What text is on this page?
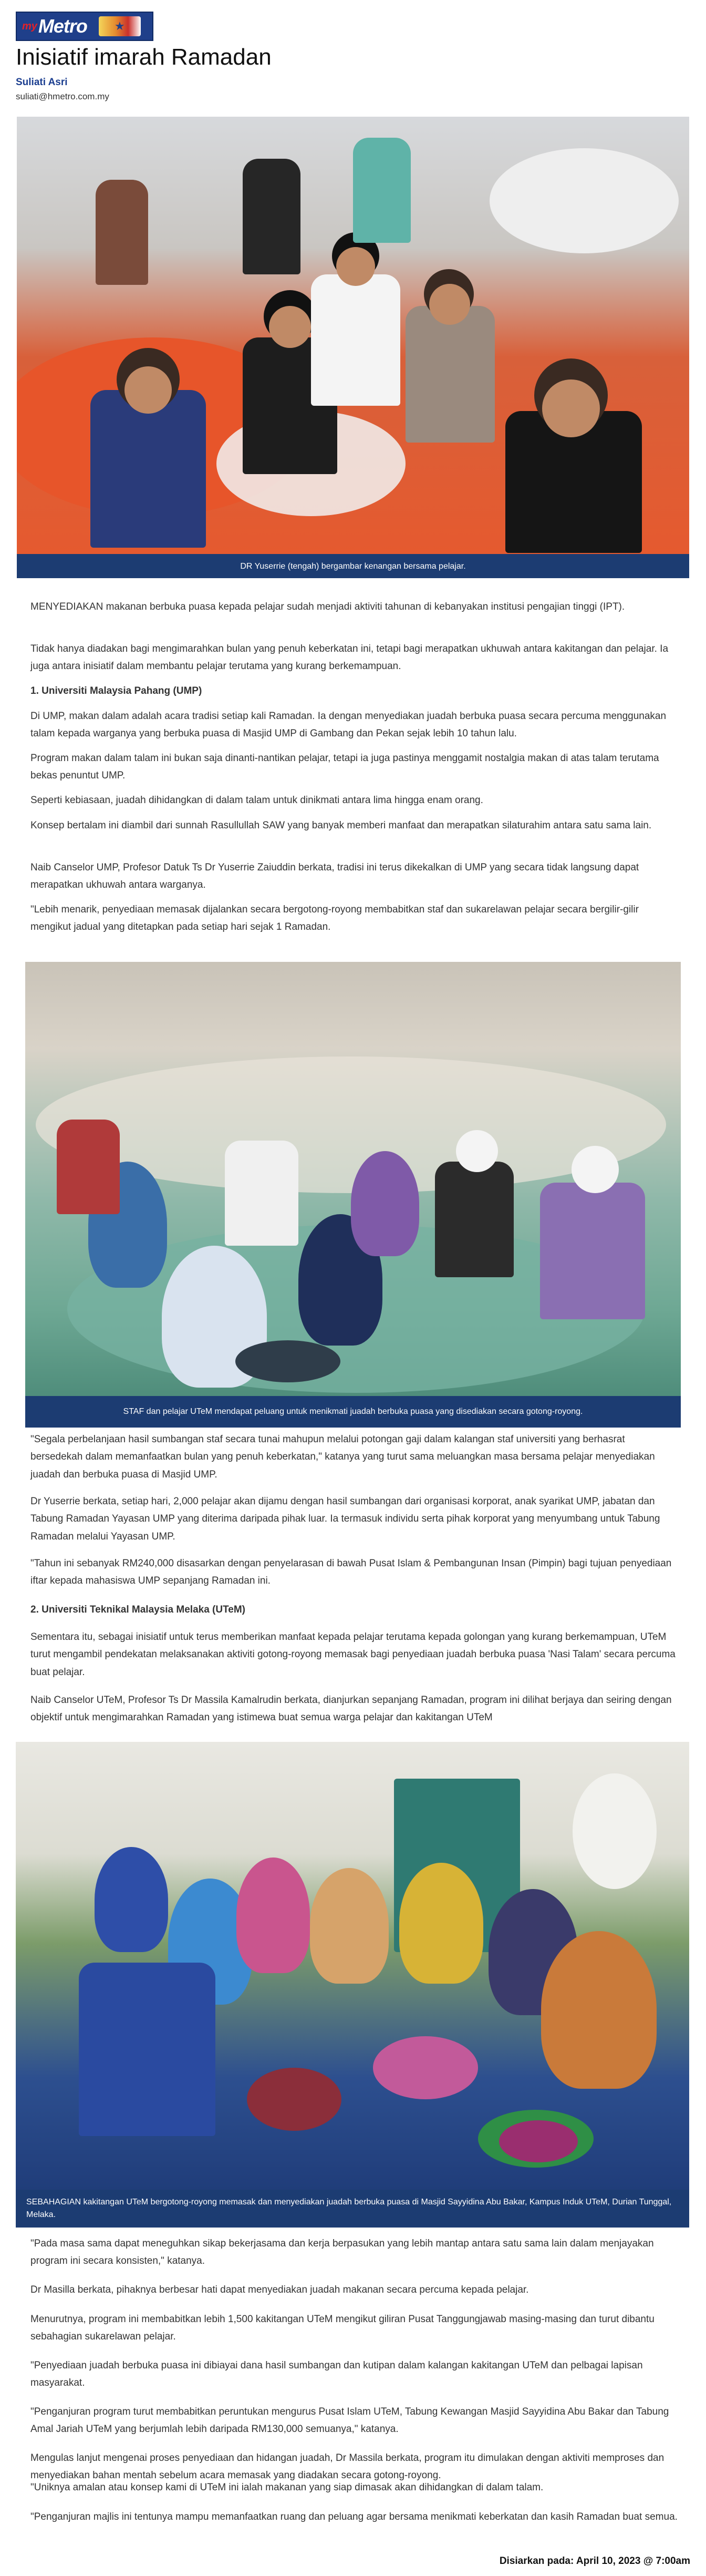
my Metro	★
Inisiatif imarah Ramadan
Suliati Asri
suliati@hmetro.com.my
DR Yuserrie (tengah) bergambar kenangan bersama pelajar.

MENYEDIAKAN makanan berbuka puasa kepada pelajar sudah menjadi aktiviti tahunan di kebanyakan institusi pengajian tinggi (IPT).

Tidak hanya diadakan bagi mengimarahkan bulan yang penuh keberkatan ini, tetapi bagi merapatkan ukhuwah antara kakitangan dan pelajar. Ia juga antara inisiatif dalam membantu pelajar terutama yang kurang berkemampuan.

1. Universiti Malaysia Pahang (UMP)

Di UMP, makan dalam adalah acara tradisi setiap kali Ramadan. Ia dengan menyediakan juadah berbuka puasa secara percuma menggunakan talam kepada warganya yang berbuka puasa di Masjid UMP di Gambang dan Pekan sejak lebih 10 tahun lalu.

Program makan dalam talam ini bukan saja dinanti-nantikan pelajar, tetapi ia juga pastinya menggamit nostalgia makan di atas talam terutama bekas penuntut UMP.

Seperti kebiasaan, juadah dihidangkan di dalam talam untuk dinikmati antara lima hingga enam orang.

Konsep bertalam ini diambil dari sunnah Rasullullah SAW yang banyak memberi manfaat dan merapatkan silaturahim antara satu sama lain.

Naib Canselor UMP, Profesor Datuk Ts Dr Yuserrie Zaiuddin berkata, tradisi ini terus dikekalkan di UMP yang secara tidak langsung dapat merapatkan ukhuwah antara warganya.

"Lebih menarik, penyediaan memasak dijalankan secara bergotong-royong membabitkan staf dan sukarelawan pelajar secara bergilir-gilir mengikut jadual yang ditetapkan pada setiap hari sejak 1 Ramadan.

STAF dan pelajar UTeM mendapat peluang untuk menikmati juadah berbuka puasa yang disediakan secara gotong-royong.

"Segala perbelanjaan hasil sumbangan staf secara tunai mahupun melalui potongan gaji dalam kalangan staf universiti yang berhasrat bersedekah dalam memanfaatkan bulan yang penuh keberkatan," katanya yang turut sama meluangkan masa bersama pelajar menyediakan juadah dan berbuka puasa di Masjid UMP.

Dr Yuserrie berkata, setiap hari, 2,000 pelajar akan dijamu dengan hasil sumbangan dari organisasi korporat, anak syarikat UMP, jabatan dan Tabung Ramadan Yayasan UMP yang diterima daripada pihak luar. Ia termasuk individu serta pihak korporat yang menyumbang untuk Tabung Ramadan melalui Yayasan UMP.

"Tahun ini sebanyak RM240,000 disasarkan dengan penyelarasan di bawah Pusat Islam & Pembangunan Insan (Pimpin) bagi tujuan penyediaan iftar kepada mahasiswa UMP sepanjang Ramadan ini.

2. Universiti Teknikal Malaysia Melaka (UTeM)

Sementara itu, sebagai inisiatif untuk terus memberikan manfaat kepada pelajar terutama kepada golongan yang kurang berkemampuan, UTeM turut mengambil pendekatan melaksanakan aktiviti gotong-royong memasak bagi penyediaan juadah berbuka puasa 'Nasi Talam' secara percuma buat pelajar.

Naib Canselor UTeM, Profesor Ts Dr Massila Kamalrudin berkata, dianjurkan sepanjang Ramadan, program ini dilihat berjaya dan seiring dengan objektif untuk mengimarahkan Ramadan yang istimewa buat semua warga pelajar dan kakitangan UTeM

SEBAHAGIAN kakitangan UTeM bergotong-royong memasak dan menyediakan juadah berbuka puasa di Masjid Sayyidina Abu Bakar, Kampus Induk UTeM, Durian Tunggal, Melaka.

"Pada masa sama dapat meneguhkan sikap bekerjasama dan kerja berpasukan yang lebih mantap antara satu sama lain dalam menjayakan program ini secara konsisten," katanya.

Dr Masilla berkata, pihaknya berbesar hati dapat menyediakan juadah makanan secara percuma kepada pelajar.

Menurutnya, program ini membabitkan lebih 1,500 kakitangan UTeM mengikut giliran Pusat Tanggungjawab masing-masing dan turut dibantu sebahagian sukarelawan pelajar.

"Penyediaan juadah berbuka puasa ini dibiayai dana hasil sumbangan dan kutipan dalam kalangan kakitangan UTeM dan pelbagai lapisan masyarakat.

"Penganjuran program turut membabitkan peruntukan mengurus Pusat Islam UTeM, Tabung Kewangan Masjid Sayyidina Abu Bakar dan Tabung Amal Jariah UTeM yang berjumlah lebih daripada RM130,000 semuanya," katanya.

Mengulas lanjut mengenai proses penyediaan dan hidangan juadah, Dr Massila berkata, program itu dimulakan dengan aktiviti memproses dan menyediakan bahan mentah sebelum acara memasak yang diadakan secara gotong-royong.

"Uniknya amalan atau konsep kami di UTeM ini ialah makanan yang siap dimasak akan dihidangkan di dalam talam.

"Penganjuran majlis ini tentunya mampu memanfaatkan ruang dan peluang agar bersama menikmati keberkatan dan kasih Ramadan buat semua.

Disiarkan pada: April 10, 2023 @ 7:00am
